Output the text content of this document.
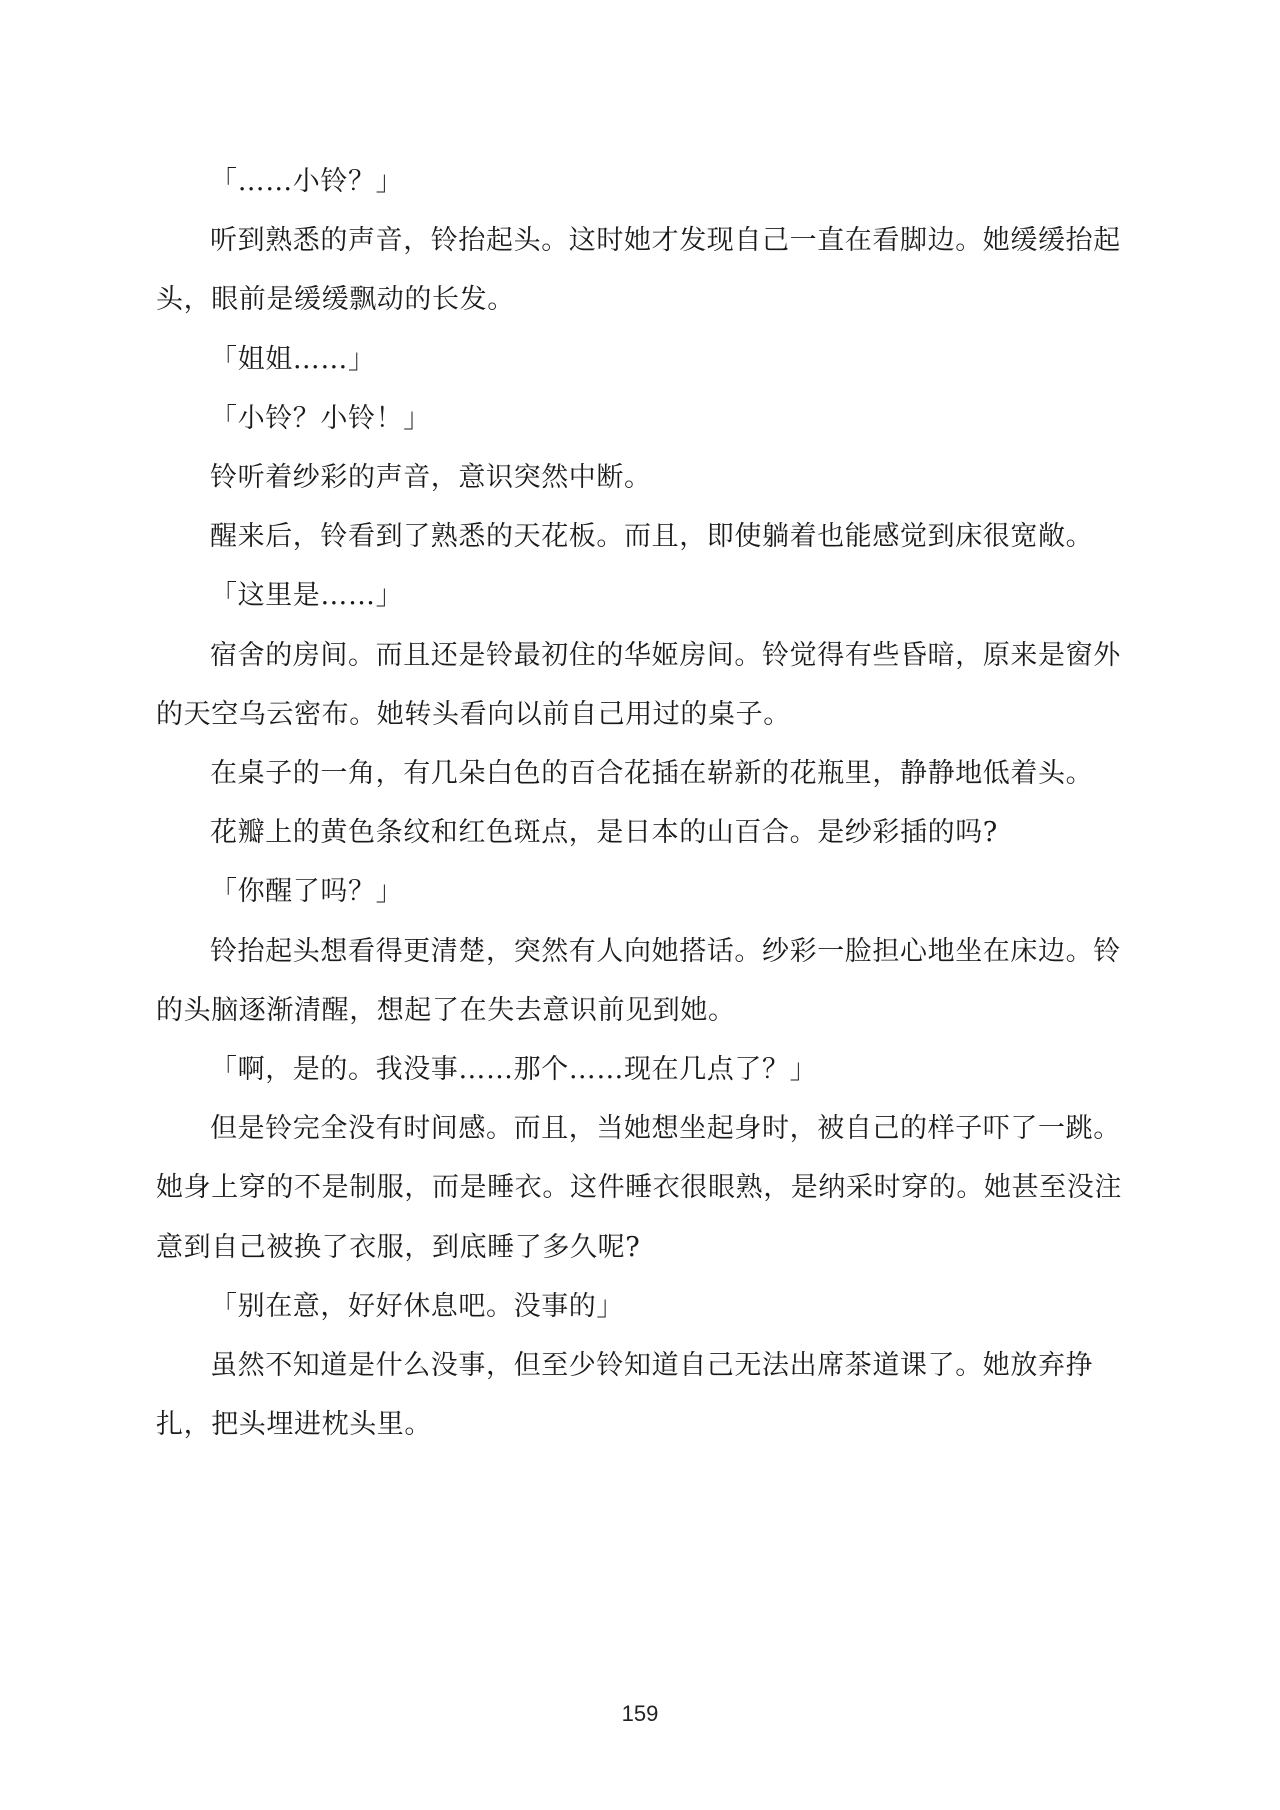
「……小铃？」

听到熟悉的声音，铃抬起头。这时她才发现自己一直在看脚边。她缓缓抬起头，眼前是缓缓飘动的长发。

「姐姐……」

「小铃？小铃！」

铃听着纱彩的声音，意识突然中断。

醒来后，铃看到了熟悉的天花板。而且，即使躺着也能感觉到床很宽敞。

「这里是……」

宿舍的房间。而且还是铃最初住的华姬房间。铃觉得有些昏暗，原来是窗外的天空乌云密布。她转头看向以前自己用过的桌子。

在桌子的一角，有几朵白色的百合花插在崭新的花瓶里，静静地低着头。

花瓣上的黄色条纹和红色斑点，是日本的山百合。是纱彩插的吗?

「你醒了吗？」

铃抬起头想看得更清楚，突然有人向她搭话。纱彩一脸担心地坐在床边。铃的头脑逐渐清醒，想起了在失去意识前见到她。

「啊，是的。我没事……那个……现在几点了？」

但是铃完全没有时间感。而且，当她想坐起身时，被自己的样子吓了一跳。她身上穿的不是制服，而是睡衣。这件睡衣很眼熟，是纳采时穿的。她甚至没注意到自己被换了衣服，到底睡了多久呢?

「别在意，好好休息吧。没事的」

虽然不知道是什么没事，但至少铃知道自己无法出席茶道课了。她放弃挣扎，把头埋进枕头里。

159
